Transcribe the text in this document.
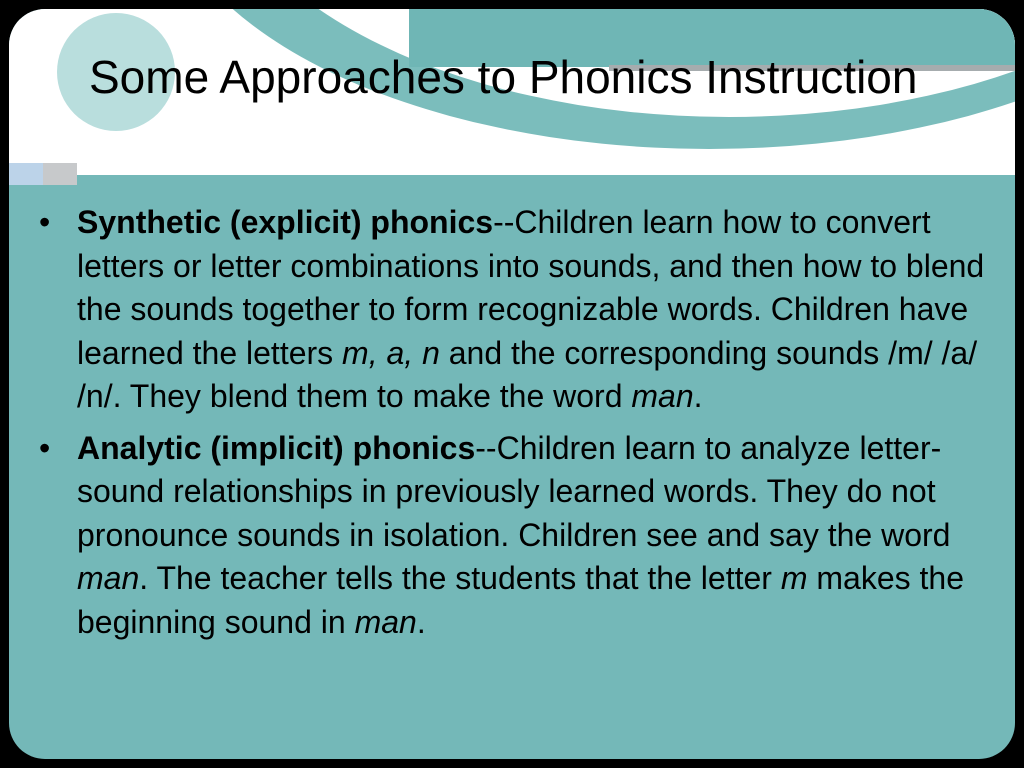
Some Approaches to Phonics Instruction
• Synthetic (explicit) phonics--Children learn how to convert letters or letter combinations into sounds, and then how to blend the sounds together to form recognizable words. Children have learned the letters m, a, n and the corresponding sounds /m/ /a/ /n/. They blend them to make the word man.
• Analytic (implicit) phonics--Children learn to analyze letter-sound relationships in previously learned words. They do not pronounce sounds in isolation. Children see and say the word man. The teacher tells the students that the letter m makes the beginning sound in man.
